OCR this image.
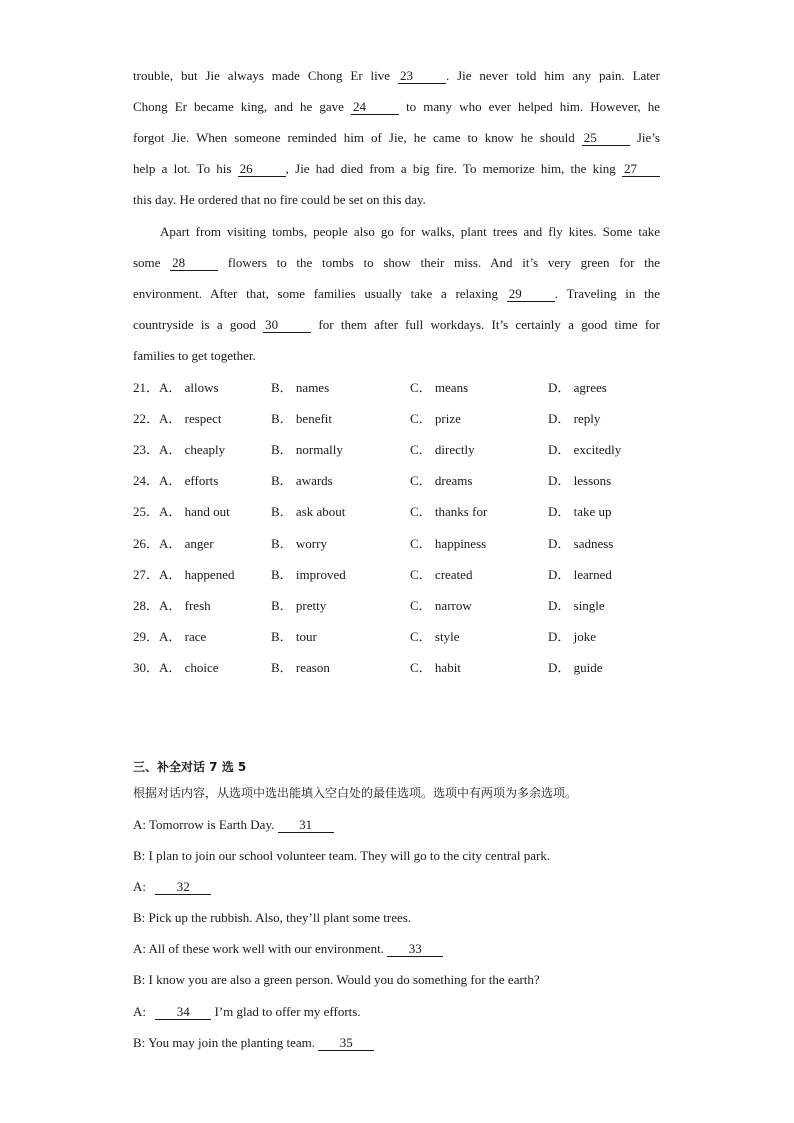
trouble, but Jie always made Chong Er live 23	. Jie never told him any pain. Later
Chong Er became king, and he gave 24	to many who ever helped him. However, he
forgot Jie. When someone reminded him of Jie, he came to know he should 25	Jie’s
help a lot. To his 26	, Jie had died from a big fire. To memorize him, the king 27
this day. He ordered that no fire could be set on this day.
Apart from visiting tombs, people also go for walks, plant trees and fly kites. Some take
some 28	flowers to the tombs to show their miss. And it’s very green for the
environment. After that, some families usually take a relaxing 29	. Traveling in the
countryside is a good 30	for them after full workdays. It’s certainly a good time for
families to get together.
21．A． allows	B． names	C． means	D． agrees
22．A． respect	B． benefit	C． prize	D． reply
23．A． cheaply	B． normally	C． directly	D． excitedly
24．A． efforts	B． awards	C． dreams	D． lessons
25．A． hand out	B． ask about	C． thanks for	D． take up
26．A． anger	B． worry	C． happiness	D． sadness
27．A． happened	B． improved	C． created	D． learned
28．A． fresh	B． pretty	C． narrow	D． single
29．A． race	B． tour	C． style	D． joke
30．A． choice	B． reason	C． habit	D． guide
三、补全对话 7 选 5
根据对话内容，从选项中选出能填入空白处的最佳选项。选项中有两项为多余选项。
A: Tomorrow is Earth Day. 31
B: I plan to join our school volunteer team. They will go to the city central park.
A: 32
B: Pick up the rubbish. Also, they’ll plant some trees.
A: All of these work well with our environment. 33
B: I know you are also a green person. Would you do something for the earth?
A: 34 I’m glad to offer my efforts.
B: You may join the planting team. 35
